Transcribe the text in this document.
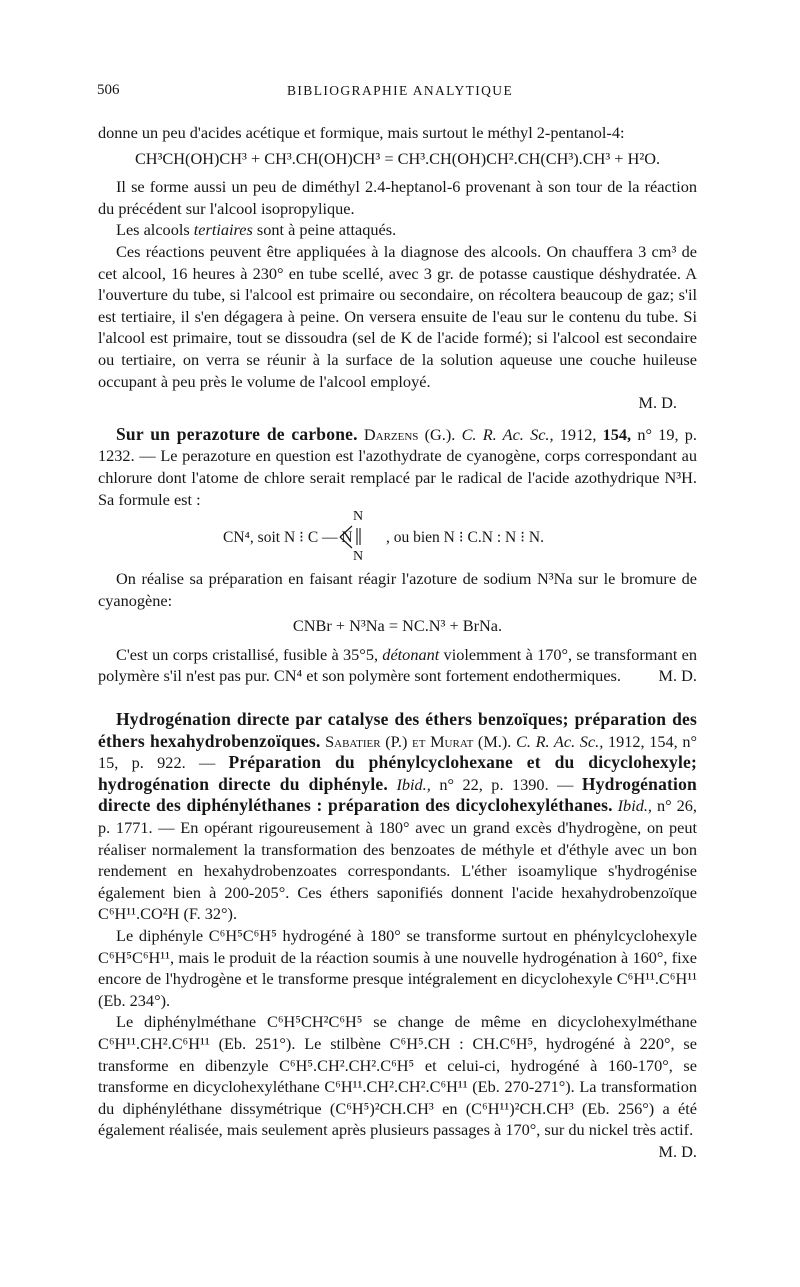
506	BIBLIOGRAPHIE ANALYTIQUE

donne un peu d'acides acétique et formique, mais surtout le méthyl 2-pentanol-4:

CH³CH(OH)CH³ + CH³.CH(OH)CH³ = CH³.CH(OH)CH².CH(CH³).CH³ + H²O.

Il se forme aussi un peu de diméthyl 2.4-heptanol-6 provenant à son tour de la réaction du précédent sur l'alcool isopropylique.

Les alcools tertiaires sont à peine attaqués.

Ces réactions peuvent être appliquées à la diagnose des alcools. On chauffera 3 cm³ de cet alcool, 16 heures à 230° en tube scellé, avec 3 gr. de potasse caustique déshydratée. A l'ouverture du tube, si l'alcool est primaire ou secondaire, on récoltera beaucoup de gaz; s'il est tertiaire, il s'en dégagera à peine. On versera ensuite de l'eau sur le contenu du tube. Si l'alcool est primaire, tout se dissoudra (sel de K de l'acide formé); si l'alcool est secondaire ou tertiaire, on verra se réunir à la surface de la solution aqueuse une couche huileuse occupant à peu près le volume de l'alcool employé.

M. D.

Sur un perazoture de carbone. Darzens (G.). C. R. Ac. Sc., 1912, 154, n° 19, p. 1232. — Le perazoture en question est l'azothydrate de cyanogène, corps correspondant au chlorure dont l'atome de chlore serait remplacé par le radical de l'acide azothydrique N³H. Sa formule est :

CN⁴, soit N ⁝ C — N
N
N
, ou bien N ⁝ C.N : N ⁝ N.

On réalise sa préparation en faisant réagir l'azoture de sodium N³Na sur le bromure de cyanogène:

CNBr + N³Na = NC.N³ + BrNa.

C'est un corps cristallisé, fusible à 35°5, détonant violemment à 170°, se transformant en polymère s'il n'est pas pur. CN⁴ et son polymère sont fortement endothermiques.	M. D.

Hydrogénation directe par catalyse des éthers benzoïques; préparation des éthers hexahydrobenzoïques. Sabatier (P.) et Murat (M.). C. R. Ac. Sc., 1912, 154, n° 15, p. 922. — Préparation du phénylcyclohexane et du dicyclohexyle; hydrogénation directe du diphényle. Ibid., n° 22, p. 1390. — Hydrogénation directe des diphényléthanes : préparation des dicyclohexyléthanes. Ibid., n° 26, p. 1771. — En opérant rigoureusement à 180° avec un grand excès d'hydrogène, on peut réaliser normalement la transformation des benzoates de méthyle et d'éthyle avec un bon rendement en hexahydrobenzoates correspondants. L'éther isoamylique s'hydrogénise également bien à 200-205°. Ces éthers saponifiés donnent l'acide hexahydrobenzoïque C⁶H¹¹.CO²H (F. 32°).

Le diphényle C⁶H⁵C⁶H⁵ hydrogéné à 180° se transforme surtout en phénylcyclohexyle C⁶H⁵C⁶H¹¹, mais le produit de la réaction soumis à une nouvelle hydrogénation à 160°, fixe encore de l'hydrogène et le transforme presque intégralement en dicyclohexyle C⁶H¹¹.C⁶H¹¹ (Eb. 234°).

Le diphénylméthane C⁶H⁵CH²C⁶H⁵ se change de même en dicyclohexylméthane C⁶H¹¹.CH².C⁶H¹¹ (Eb. 251°). Le stilbène C⁶H⁵.CH : CH.C⁶H⁵, hydrogéné à 220°, se transforme en dibenzyle C⁶H⁵.CH².CH².C⁶H⁵ et celui-ci, hydrogéné à 160-170°, se transforme en dicyclohexyléthane C⁶H¹¹.CH².CH².C⁶H¹¹ (Eb. 270-271°). La transformation du diphényléthane dissymétrique (C⁶H⁵)²CH.CH³ en (C⁶H¹¹)²CH.CH³ (Eb. 256°) a été également réalisée, mais seulement après plusieurs passages à 170°, sur du nickel très actif.
M. D.
